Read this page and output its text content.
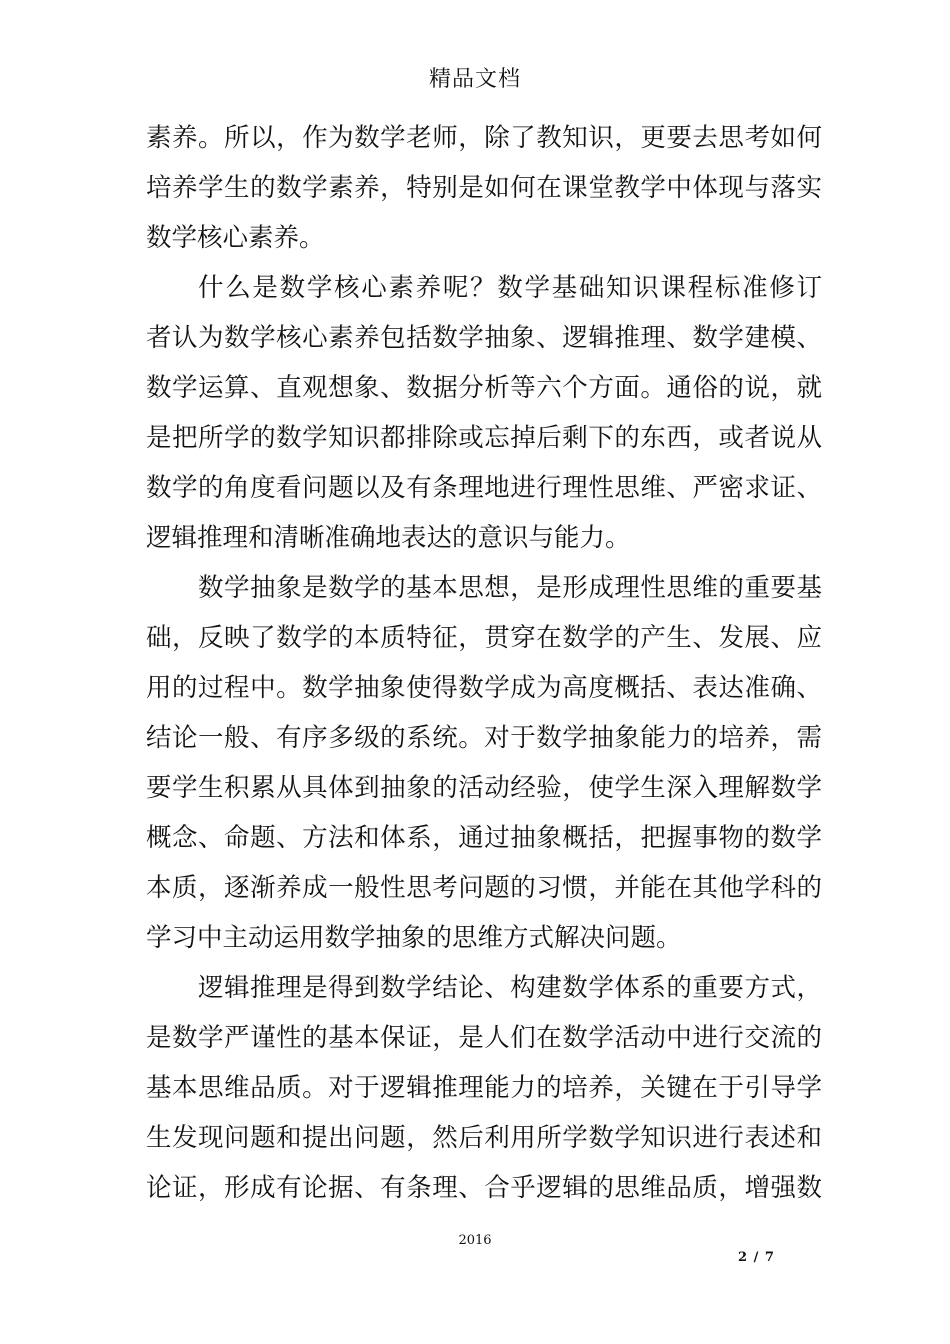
精品文档
素养。所以，作为数学老师，除了教知识，更要去思考如何
培养学生的数学素养，特别是如何在课堂教学中体现与落实
数学核心素养。
什么是数学核心素养呢？数学基础知识课程标准修订
者认为数学核心素养包括数学抽象、逻辑推理、数学建模、
数学运算、直观想象、数据分析等六个方面。通俗的说，就
是把所学的数学知识都排除或忘掉后剩下的东西，或者说从
数学的角度看问题以及有条理地进行理性思维、严密求证、
逻辑推理和清晰准确地表达的意识与能力。
数学抽象是数学的基本思想，是形成理性思维的重要基
础，反映了数学的本质特征，贯穿在数学的产生、发展、应
用的过程中。数学抽象使得数学成为高度概括、表达准确、
结论一般、有序多级的系统。对于数学抽象能力的培养，需
要学生积累从具体到抽象的活动经验，使学生深入理解数学
概念、命题、方法和体系，通过抽象概括，把握事物的数学
本质，逐渐养成一般性思考问题的习惯，并能在其他学科的
学习中主动运用数学抽象的思维方式解决问题。
逻辑推理是得到数学结论、构建数学体系的重要方式，
是数学严谨性的基本保证，是人们在数学活动中进行交流的
基本思维品质。对于逻辑推理能力的培养，关键在于引导学
生发现问题和提出问题，然后利用所学数学知识进行表述和
论证，形成有论据、有条理、合乎逻辑的思维品质，增强数
2016
2 / 7
